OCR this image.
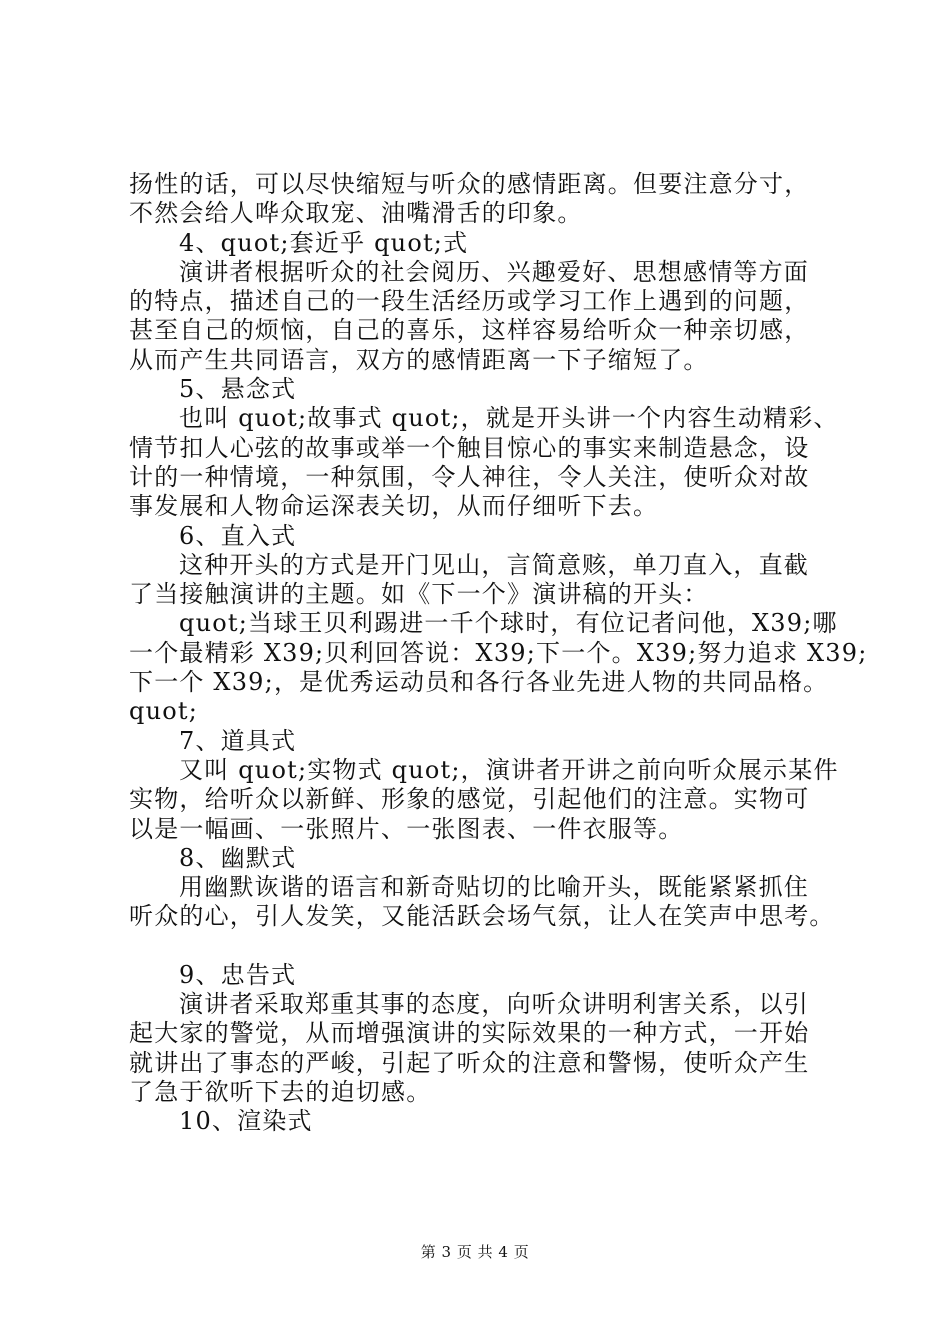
扬性的话，可以尽快缩短与听众的感情距离。但要注意分寸，
不然会给人哗众取宠、油嘴滑舌的印象。
4、quot;套近乎 quot;式
演讲者根据听众的社会阅历、兴趣爱好、思想感情等方面
的特点，描述自己的一段生活经历或学习工作上遇到的问题，
甚至自己的烦恼，自己的喜乐，这样容易给听众一种亲切感，
从而产生共同语言，双方的感情距离一下子缩短了。
5、悬念式
也叫 quot;故事式 quot;，就是开头讲一个内容生动精彩、
情节扣人心弦的故事或举一个触目惊心的事实来制造悬念，设
计的一种情境，一种氛围，令人神往，令人关注，使听众对故
事发展和人物命运深表关切，从而仔细听下去。
6、直入式
这种开头的方式是开门见山，言简意赅，单刀直入，直截
了当接触演讲的主题。如《下一个》演讲稿的开头：
quot;当球王贝利踢进一千个球时，有位记者问他，X39;哪
一个最精彩 X39;贝利回答说：X39;下一个。X39;努力追求 X39;
下一个 X39;，是优秀运动员和各行各业先进人物的共同品格。
quot;
7、道具式
又叫 quot;实物式 quot;，演讲者开讲之前向听众展示某件
实物，给听众以新鲜、形象的感觉，引起他们的注意。实物可
以是一幅画、一张照片、一张图表、一件衣服等。
8、幽默式
用幽默诙谐的语言和新奇贴切的比喻开头，既能紧紧抓住
听众的心，引人发笑，又能活跃会场气氛，让人在笑声中思考。
9、忠告式
演讲者采取郑重其事的态度，向听众讲明利害关系，以引
起大家的警觉，从而增强演讲的实际效果的一种方式，一开始
就讲出了事态的严峻，引起了听众的注意和警惕，使听众产生
了急于欲听下去的迫切感。
10、渲染式
第 3 页 共 4 页
